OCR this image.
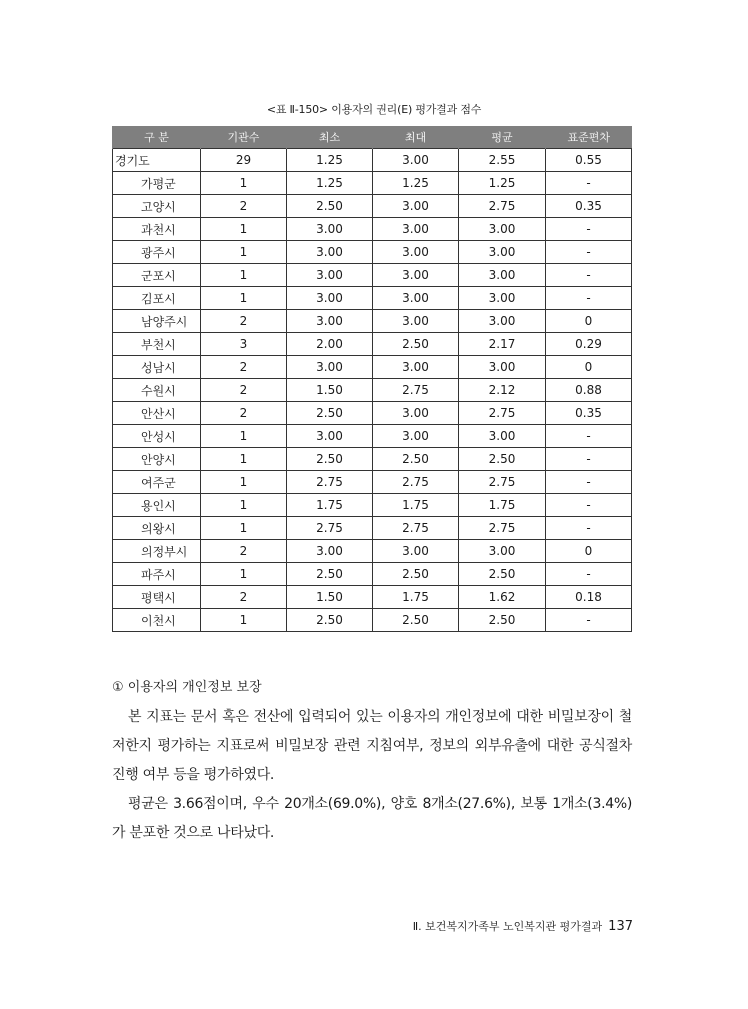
<표 Ⅱ-150> 이용자의 권리(E) 평가결과 점수
구 분	기관수	최소	최대	평균	표준편차
경기도	29	1.25	3.00	2.55	0.55
가평군	1	1.25	1.25	1.25	-
고양시	2	2.50	3.00	2.75	0.35
과천시	1	3.00	3.00	3.00	-
광주시	1	3.00	3.00	3.00	-
군포시	1	3.00	3.00	3.00	-
김포시	1	3.00	3.00	3.00	-
남양주시	2	3.00	3.00	3.00	0
부천시	3	2.00	2.50	2.17	0.29
성남시	2	3.00	3.00	3.00	0
수원시	2	1.50	2.75	2.12	0.88
안산시	2	2.50	3.00	2.75	0.35
안성시	1	3.00	3.00	3.00	-
안양시	1	2.50	2.50	2.50	-
여주군	1	2.75	2.75	2.75	-
용인시	1	1.75	1.75	1.75	-
의왕시	1	2.75	2.75	2.75	-
의정부시	2	3.00	3.00	3.00	0
파주시	1	2.50	2.50	2.50	-
평택시	2	1.50	1.75	1.62	0.18
이천시	1	2.50	2.50	2.50	-
① 이용자의 개인정보 보장

본 지표는 문서 혹은 전산에 입력되어 있는 이용자의 개인정보에 대한 비밀보장이 철저한지 평가하는 지표로써 비밀보장 관련 지침여부, 정보의 외부유출에 대한 공식절차 진행 여부 등을 평가하였다.

평균은 3.66점이며, 우수 20개소(69.0%), 양호 8개소(27.6%), 보통 1개소(3.4%)가 분포한 것으로 나타났다.

Ⅱ. 보건복지가족부 노인복지관 평가결과 137
